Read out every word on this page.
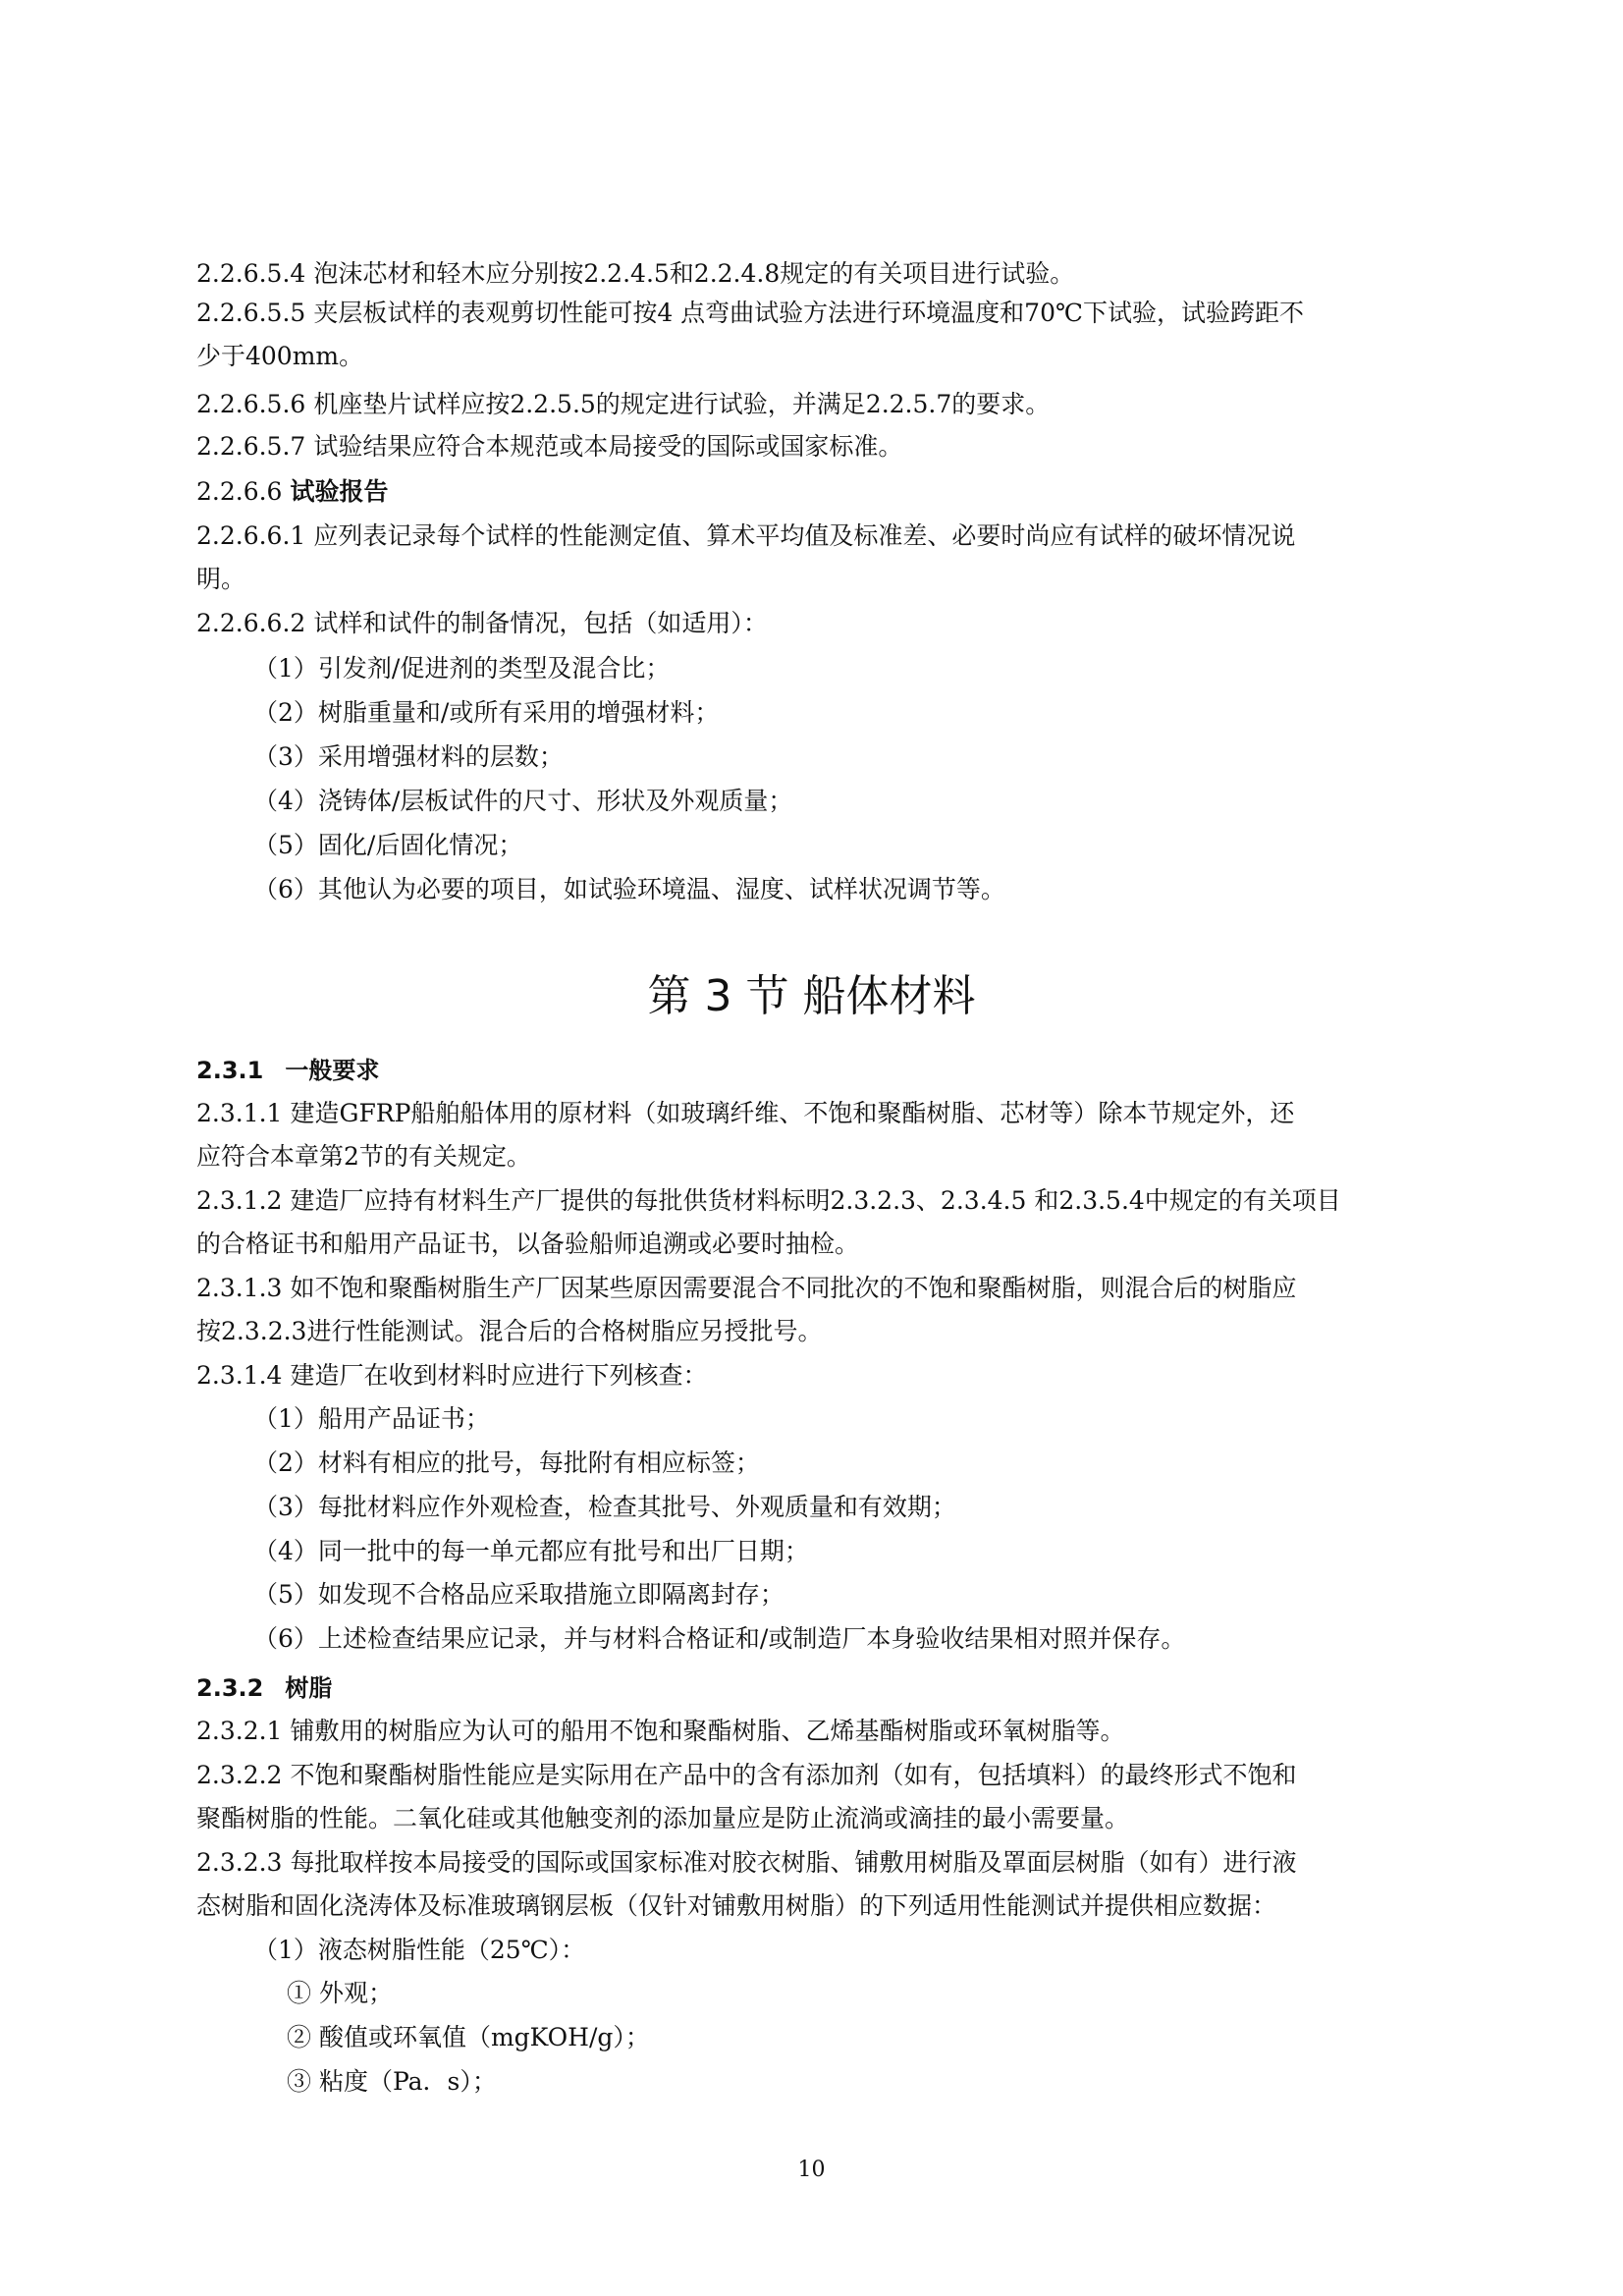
2.2.6.5.4 泡沫芯材和轻木应分别按2.2.4.5和2.2.4.8规定的有关项目进行试验。
2.2.6.5.5 夹层板试样的表观剪切性能可按4 点弯曲试验方法进行环境温度和70℃下试验，试验跨距不
少于400mm。
2.2.6.5.6 机座垫片试样应按2.2.5.5的规定进行试验，并满足2.2.5.7的要求。
2.2.6.5.7 试验结果应符合本规范或本局接受的国际或国家标准。
2.2.6.6 试验报告
2.2.6.6.1 应列表记录每个试样的性能测定值、算术平均值及标准差、必要时尚应有试样的破坏情况说
明。
2.2.6.6.2 试样和试件的制备情况，包括（如适用）：
（1）引发剂/促进剂的类型及混合比；
（2）树脂重量和/或所有采用的增强材料；
（3）采用增强材料的层数；
（4）浇铸体/层板试件的尺寸、形状及外观质量；
（5）固化/后固化情况；
（6）其他认为必要的项目，如试验环境温、湿度、试样状况调节等。
第 3 节 船体材料
2.3.1 一般要求
2.3.1.1 建造GFRP船舶船体用的原材料（如玻璃纤维、不饱和聚酯树脂、芯材等）除本节规定外，还
应符合本章第2节的有关规定。
2.3.1.2 建造厂应持有材料生产厂提供的每批供货材料标明2.3.2.3、2.3.4.5 和2.3.5.4中规定的有关项目
的合格证书和船用产品证书，以备验船师追溯或必要时抽检。
2.3.1.3 如不饱和聚酯树脂生产厂因某些原因需要混合不同批次的不饱和聚酯树脂，则混合后的树脂应
按2.3.2.3进行性能测试。混合后的合格树脂应另授批号。
2.3.1.4 建造厂在收到材料时应进行下列核查：
（1）船用产品证书；
（2）材料有相应的批号，每批附有相应标签；
（3）每批材料应作外观检查，检查其批号、外观质量和有效期；
（4）同一批中的每一单元都应有批号和出厂日期；
（5）如发现不合格品应采取措施立即隔离封存；
（6）上述检查结果应记录，并与材料合格证和/或制造厂本身验收结果相对照并保存。
2.3.2 树脂
2.3.2.1 铺敷用的树脂应为认可的船用不饱和聚酯树脂、乙烯基酯树脂或环氧树脂等。
2.3.2.2 不饱和聚酯树脂性能应是实际用在产品中的含有添加剂（如有，包括填料）的最终形式不饱和
聚酯树脂的性能。二氧化硅或其他触变剂的添加量应是防止流淌或滴挂的最小需要量。
2.3.2.3 每批取样按本局接受的国际或国家标准对胶衣树脂、铺敷用树脂及罩面层树脂（如有）进行液
态树脂和固化浇涛体及标准玻璃钢层板（仅针对铺敷用树脂）的下列适用性能测试并提供相应数据：
（1）液态树脂性能（25℃）：
① 外观；
② 酸值或环氧值（mgKOH/g）；
③ 粘度（Pa．s）；
10
